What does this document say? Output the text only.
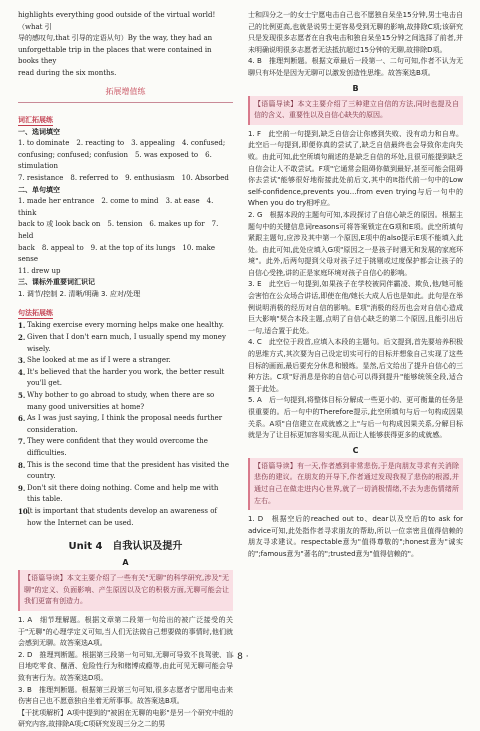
highlights everything good outside of the virtual world! （what 引

导的感叹句,that 引导的定语从句）By the way, they had an

unforgettable trip in the places that were contained in books they

read during the six months.

拓展增值练
词汇拓展练

一、选词填空

1. to dominate　2. reacting to　3. appealing　4. confused;

confusing; confused; confusion　5. was exposed to　6. stimulation

7. resistance　8. referred to　9. enthusiasm　10. Absorbed

二、单句填空

1. made her entrance　2. come to mind　3. at ease　4. think

back to 或 look back on　5. tension　6. makes up for　7. held

back　8. appeal to　9. at the top of its lungs　10. make sense

11. drew up

三、课标外重要词汇识记

1. 调节/控制 2. 清晰/明确 3. 应对/处理

句法拓展练

1. Taking exercise every morning helps make one healthy.

2. Given that I don't earn much, I usually spend my money wisely.

3. She looked at me as if I were a stranger.

4. It's believed that the harder you work, the better result you'll get.

5. Why bother to go abroad to study, when there are so many good universities at home?

6. As I was just saying, I think the proposal needs further consideration.

7. They were confident that they would overcome the difficulties.

8. This is the second time that the president has visited the country.

9. Don't sit there doing nothing. Come and help me with this table.

10.
It is important that students develop an awareness of how the Internet can be used.

Unit 4　自我认识及提升
A

【语篇导读】本文主要介绍了一些有关"无聊"的科学研究,涉及"无聊"的定义、负面影响、产生原因以及它的积极方面,无聊可能会让我们更富有创造力。

1. A　细节理解题。根据文章第二段第一句给出的被广泛接受的关于"无聊"的心理学定义可知,当人们无法做自己想要做的事情时,他们就会感到无聊。故答案选A项。

2. D　推理判断题。根据第三段第一句可知,无聊可导致不良驾驶、盲目地吃零食、酗酒、危险性行为和赌博成瘾等,由此可见无聊可能会导致有害行为。故答案选D项。

3. B　推理判断题。根据第三段第三句可知,很多志愿者宁愿用电击来伤害自己也不愿意独自坐着无所事事。故答案选B项。

【干扰项解析】A项中提到的"被困在无聊的电影"是另一个研究中组的研究内容,故排除A项;C项研究发现三分之二的男

士和四分之一的女士宁愿电击自己也不愿独自呆坐15分钟,男士电击自己的比例更高,也就是说男士更容易受到无聊的影响,故排除C项;该研究只是发现很多志愿者在自我电击和独自呆坐15分钟之间选择了前者,并未明确说明很多志愿者无法抵抗超过15分钟的无聊,故排除D项。

4. B　推理判断题。根据文章最后一段第一、二句可知,作者不认为无聊只有坏处是因为无聊可以激发创造性思维。故答案选B项。

B

【语篇导读】本文主要介绍了三种建立自信的方法,同时也提及自信的含义、重要性以及自信心缺失的原因。

1. F　此空前一句提到,缺乏自信会让你感到失败、没有动力和自卑。此空后一句提到,即便你真的尝试了,缺乏自信最终也会导致你走向失败。由此可知,此空所填句阐述的是缺乏自信的坏处,且很可能提到缺乏自信会让人不敢尝试。F项"它通常会阻碍你做到最好,甚至可能会阻碍你去尝试"能够很好地衔接此处前后文,其中的It指代前一句中的Low self-confidence,prevents you…from even trying与后一句中的When you do try相呼应。

2. G　根据本段的主题句可知,本段探讨了自信心缺乏的原因。根据主题句中的关键信息词reasons可将答案锁定在G项和E项。此空所填句紧跟主题句,应涉及其中第一个原因,E项中的also提示E项不能填入此处。由此可知,此处应填入G项"原因之一是孩子时遇无和发展的家庭环境"。此外,后两句提到父母对孩子过于挑剔或过度保护都会让孩子的自信心受挫,讲的正是家庭环境对孩子自信心的影响。

3. E　此空后一句提到,如果孩子在学校被同伴霸凌、欺负,他/她可能会害怕在公众场合讲话,即使在他/她长大成人后也是如此。此句是在举例说明消极的经历对自信的影响。E项"消极的经历也会对自信心造成巨大影响"契合本段主题,点明了自信心缺乏的第二个原因,且能引出后一句,适合置于此处。

4. C　此空位于段首,应填入本段的主题句。后文提到,首先要培养积极的思维方式,其次要为自己设定切实可行的目标并想象自己实现了这些目标的画面,最后要充分休息和锻炼。显然,后文给出了提升自信心的三种方法。C项"好消息是你的自信心可以得到提升"能够统领全段,适合置于此处。

5. A　后一句提到,将整体目标分解成一些更小的、更可衡量的任务是很重要的。后一句中的Therefore提示,此空所填句与后一句构成因果关系。A项"自信建立在成就感之上"与后一句构成因果关系,分解目标就是为了让目标更加容易实现,从而让人能够获得更多的成就感。

C

【语篇导读】有一天,作者感到非常悲伤,于是向朋友寻求有关消除悲伤的建议。在朋友的开导下,作者通过发现我视了悲伤的根源,并通过自己在做走进内心世界,就了一切消极情绪,不去为悲伤情绪所左右。

1. D　根据空后的reached out to、dear以及空后的to ask for advice可知,此处指作者寻求朋友的帮助,所以一位亲密且值得信赖的朋友寻求建议。respectable意为"值得尊敬的";honest意为"诚实的";famous意为"著名的";trusted意为"值得信赖的"。

· 8 ·
